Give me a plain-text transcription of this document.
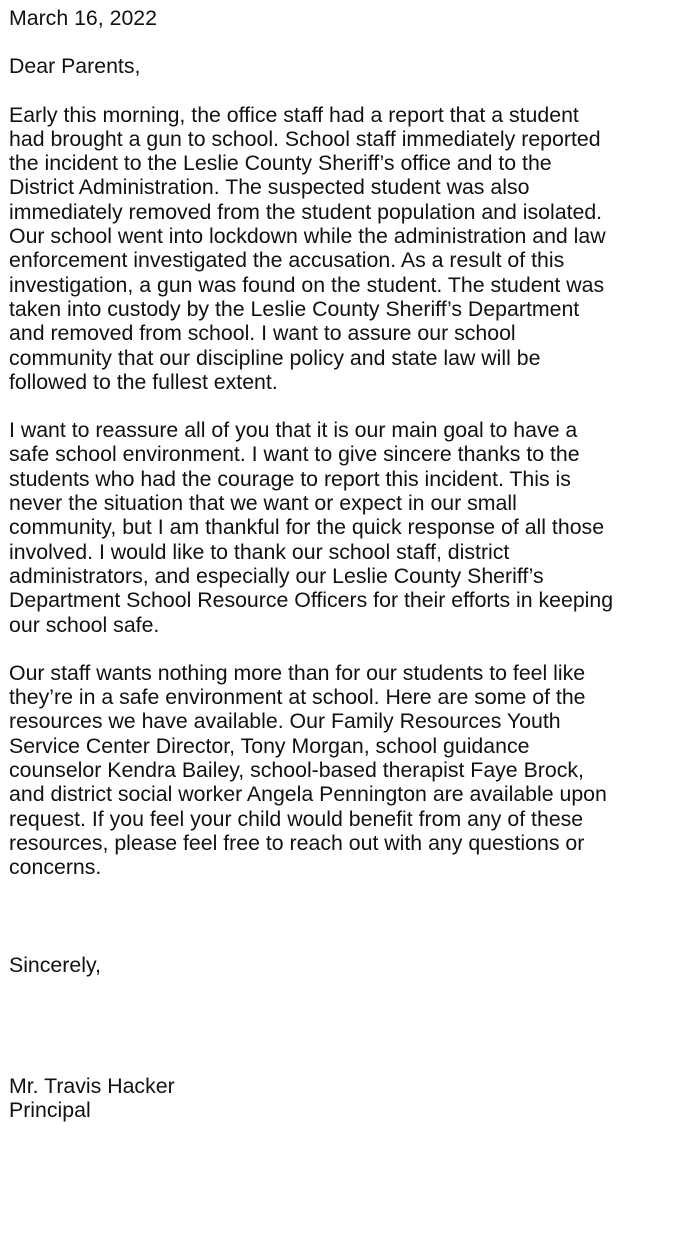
March 16, 2022

Dear Parents,

Early this morning, the office staff had a report that a student
had brought a gun to school. School staff immediately reported
the incident to the Leslie County Sheriff’s office and to the
District Administration. The suspected student was also
immediately removed from the student population and isolated.
Our school went into lockdown while the administration and law
enforcement investigated the accusation. As a result of this
investigation, a gun was found on the student. The student was
taken into custody by the Leslie County Sheriff’s Department
and removed from school. I want to assure our school
community that our discipline policy and state law will be
followed to the fullest extent.

I want to reassure all of you that it is our main goal to have a
safe school environment. I want to give sincere thanks to the
students who had the courage to report this incident. This is
never the situation that we want or expect in our small
community, but I am thankful for the quick response of all those
involved. I would like to thank our school staff, district
administrators, and especially our Leslie County Sheriff’s
Department School Resource Officers for their efforts in keeping
our school safe.

Our staff wants nothing more than for our students to feel like
they’re in a safe environment at school. Here are some of the
resources we have available. Our Family Resources Youth
Service Center Director, Tony Morgan, school guidance
counselor Kendra Bailey, school-based therapist Faye Brock,
and district social worker Angela Pennington are available upon
request. If you feel your child would benefit from any of these
resources, please feel free to reach out with any questions or
concerns.

Sincerely,

Mr. Travis Hacker

Principal
